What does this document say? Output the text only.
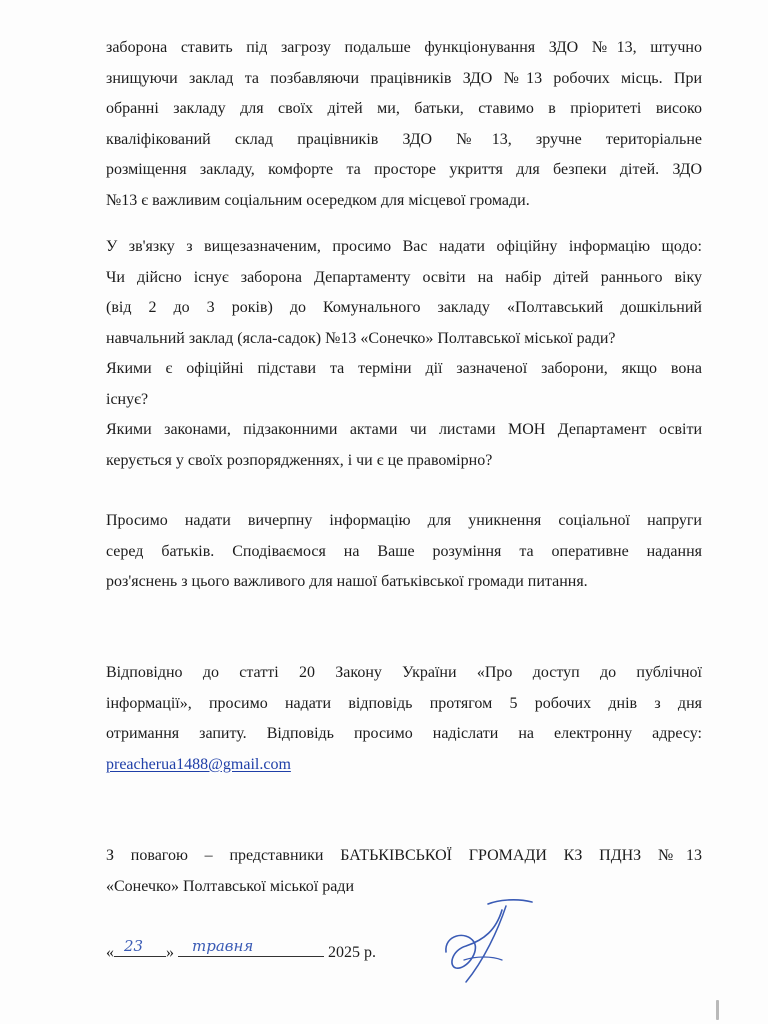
заборона ставить під загрозу подальше функціонування ЗДО №13, штучно
знищуючи заклад та позбавляючи працівників ЗДО №13 робочих місць. При
обранні закладу для своїх дітей ми, батьки, ставимо в пріоритеті високо
кваліфікований склад працівників ЗДО №13, зручне територіальне
розміщення закладу, комфорте та просторе укриття для безпеки дітей. ЗДО
№13 є важливим соціальним осередком для місцевої громади.
У зв'язку з вищезазначеним, просимо Вас надати офіційну інформацію щодо:
Чи дійсно існує заборона Департаменту освіти на набір дітей раннього віку
(від 2 до 3 років) до Комунального закладу «Полтавський дошкільний
навчальний заклад (ясла-садок) №13 «Сонечко» Полтавської міської ради?
Якими є офіційні підстави та терміни дії зазначеної заборони, якщо вона
існує?
Якими законами, підзаконними актами чи листами МОН Департамент освіти
керується у своїх розпорядженнях, і чи є це правомірно?
Просимо надати вичерпну інформацію для уникнення соціальної напруги
серед батьків. Сподіваємося на Ваше розуміння та оперативне надання
роз'яснень з цього важливого для нашої батьківської громади питання.
Відповідно до статті 20 Закону України «Про доступ до публічної
інформації», просимо надати відповідь протягом 5 робочих днів з дня
отримання запиту. Відповідь просимо надіслати на електронну адресу:
preacherua1488@gmail.com
З повагою – представники БАТЬКІВСЬКОЇ ГРОМАДИ КЗ ПДНЗ №13
«Сонечко» Полтавської міської ради
« 23 » травня	2025 р.
